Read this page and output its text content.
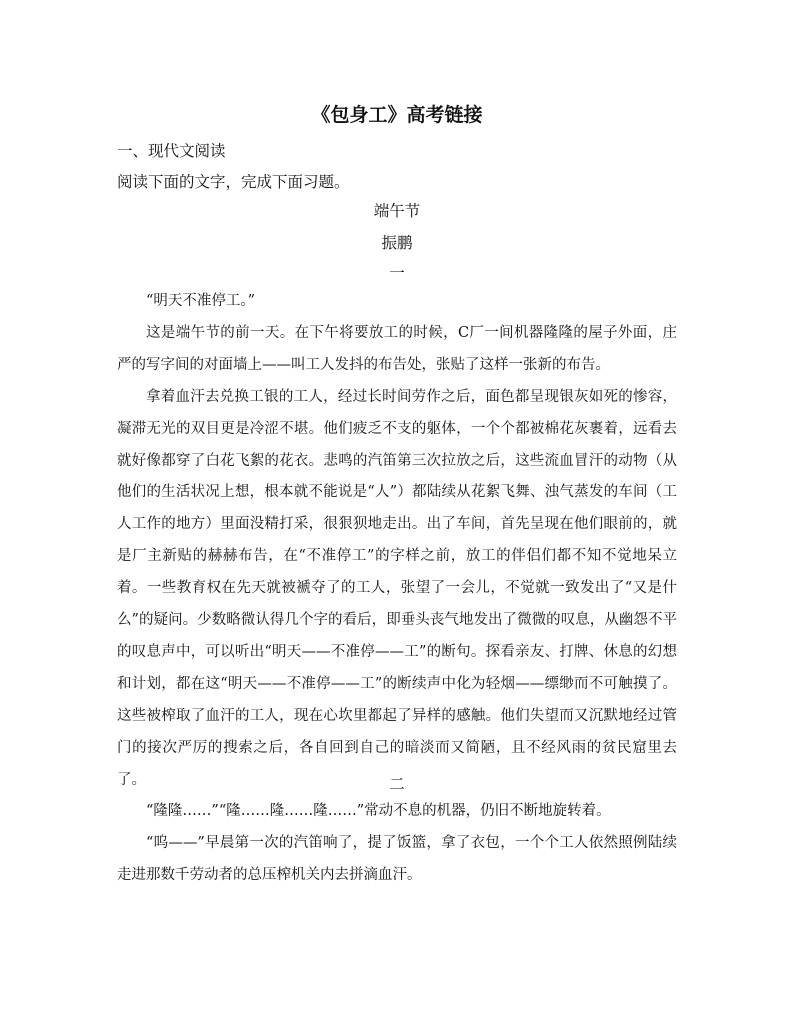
《包身工》高考链接
一、现代文阅读
阅读下面的文字，完成下面习题。
端午节
振鹏
一

“明天不准停工。”

这是端午节的前一天。在下午将要放工的时候，C厂一间机器隆隆的屋子外面，庄严的写字间的对面墙上——叫工人发抖的布告处，张贴了这样一张新的布告。

拿着血汗去兑换工银的工人，经过长时间劳作之后，面色都呈现银灰如死的惨容，凝滞无光的双目更是冷涩不堪。他们疲乏不支的躯体，一个个都被棉花灰裹着，远看去就好像都穿了白花飞絮的花衣。悲鸣的汽笛第三次拉放之后，这些流血冒汗的动物（从他们的生活状况上想，根本就不能说是“人”）都陆续从花絮飞舞、浊气蒸发的车间（工人工作的地方）里面没精打采，很狠狈地走出。出了车间，首先呈现在他们眼前的，就是厂主新贴的赫赫布告，在“不准停工”的字样之前，放工的伴侣们都不知不觉地呆立着。一些教育权在先天就被褫夺了的工人，张望了一会儿，不觉就一致发出了“又是什么”的疑问。少数略微认得几个字的看后，即垂头丧气地发出了微微的叹息，从幽怨不平的叹息声中，可以听出“明天——不准停——工”的断句。探看亲友、打牌、休息的幻想和计划，都在这“明天——不准停——工”的断续声中化为轻烟——缥缈而不可触摸了。这些被榨取了血汗的工人，现在心坎里都起了异样的感触。他们失望而又沉默地经过管门的接次严厉的搜索之后，各自回到自己的暗淡而又简陋，且不经风雨的贫民窟里去了。	二

“隆隆……”“隆……隆……隆……”常动不息的机器，仍旧不断地旋转着。

“呜——”早晨第一次的汽笛响了，提了饭篮，拿了衣包，一个个工人依然照例陆续走进那数千劳动者的总压榨机关内去拼滴血汗。
